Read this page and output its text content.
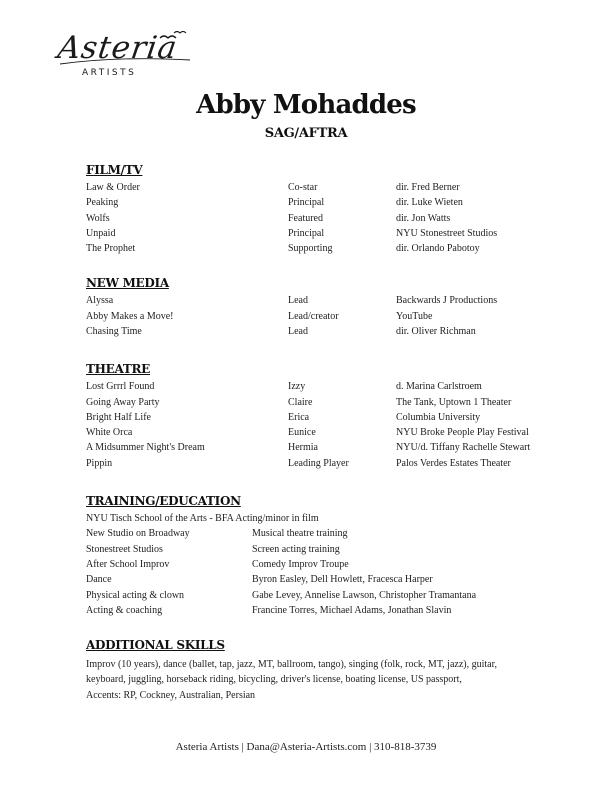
Asteria
ARTISTS
Abby Mohaddes
SAG/AFTRA
FILM/TV
Law & Order	Co-star	dir. Fred Berner
Peaking	Principal	dir. Luke Wieten
Wolfs	Featured	dir. Jon Watts
Unpaid	Principal	NYU Stonestreet Studios
The Prophet	Supporting	dir. Orlando Pabotoy
NEW MEDIA
Alyssa	Lead	Backwards J Productions
Abby Makes a Move!	Lead/creator	YouTube
Chasing Time	Lead	dir. Oliver Richman
THEATRE
Lost Grrrl Found	Izzy	d. Marina Carlstroem
Going Away Party	Claire	The Tank, Uptown 1 Theater
Bright Half Life	Erica	Columbia University
White Orca	Eunice	NYU Broke People Play Festival
A Midsummer Night's Dream	Hermia	NYU/d. Tiffany Rachelle Stewart
Pippin	Leading Player	Palos Verdes Estates Theater
TRAINING/EDUCATION
NYU Tisch School of the Arts - BFA Acting/minor in film
New Studio on Broadway	Musical theatre training
Stonestreet Studios	Screen acting training
After School Improv	Comedy Improv Troupe
Dance	Byron Easley, Dell Howlett, Fracesca Harper
Physical acting & clown	Gabe Levey, Annelise Lawson, Christopher Tramantana
Acting & coaching	Francine Torres, Michael Adams, Jonathan Slavin
ADDITIONAL SKILLS
Improv (10 years), dance (ballet, tap, jazz, MT, ballroom, tango), singing (folk, rock, MT, jazz), guitar,
keyboard, juggling, horseback riding, bicycling, driver's license, boating license, US passport,
Accents: RP, Cockney, Australian, Persian
Asteria Artists | Dana@Asteria-Artists.com | 310-818-3739
